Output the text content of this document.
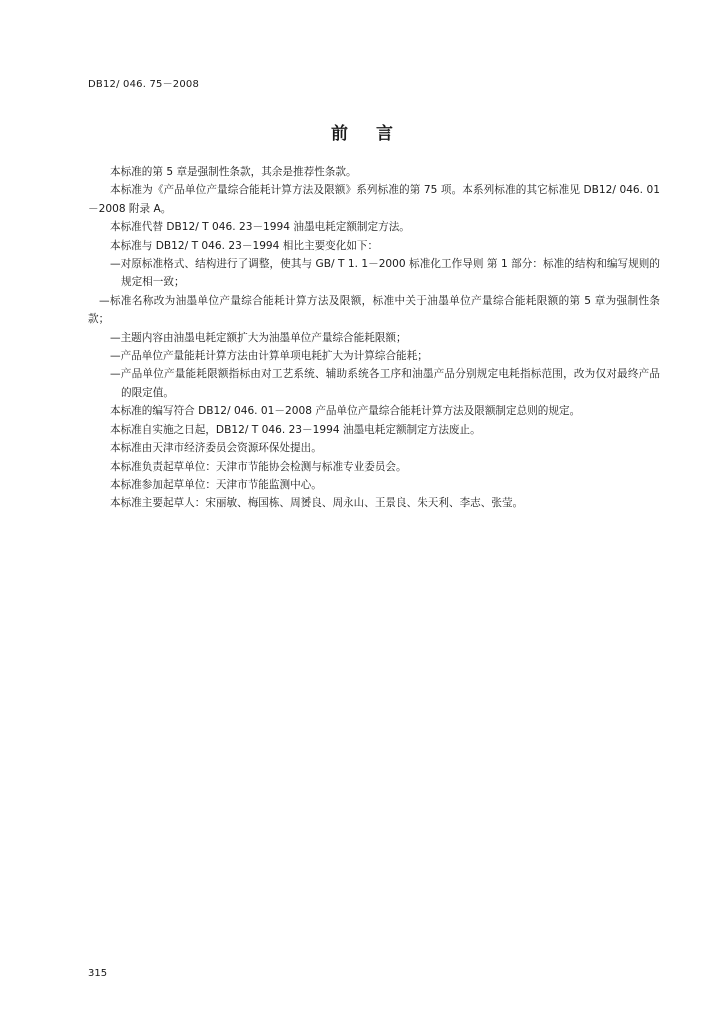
DB12/ 046. 75－2008
前言

本标准的第 5 章是强制性条款，其余是推荐性条款。

本标准为《产品单位产量综合能耗计算方法及限额》系列标准的第 75 项。本系列标准的其它标准见 DB12/ 046. 01－2008 附录 A。

本标准代替 DB12/ T 046. 23－1994 油墨电耗定额制定方法。

本标准与 DB12/ T 046. 23－1994 相比主要变化如下：

—对原标准格式、结构进行了调整，使其与 GB/ T 1. 1－2000 标准化工作导则 第 1 部分：标准的结构和编写规则的规定相一致；

—标准名称改为油墨单位产量综合能耗计算方法及限额，标准中关于油墨单位产量综合能耗限额的第 5 章为强制性条款；

—主题内容由油墨电耗定额扩大为油墨单位产量综合能耗限额；

—产品单位产量能耗计算方法由计算单项电耗扩大为计算综合能耗；

—产品单位产量能耗限额指标由对工艺系统、辅助系统各工序和油墨产品分别规定电耗指标范围，改为仅对最终产品的限定值。

本标准的编写符合 DB12/ 046. 01－2008 产品单位产量综合能耗计算方法及限额制定总则的规定。

本标准自实施之日起，DB12/ T 046. 23－1994 油墨电耗定额制定方法废止。

本标准由天津市经济委员会资源环保处提出。

本标准负责起草单位：天津市节能协会检测与标准专业委员会。

本标准参加起草单位：天津市节能监测中心。

本标准主要起草人：宋丽敏、梅国栋、周赟良、周永山、王景良、朱天利、李志、张莹。

315
